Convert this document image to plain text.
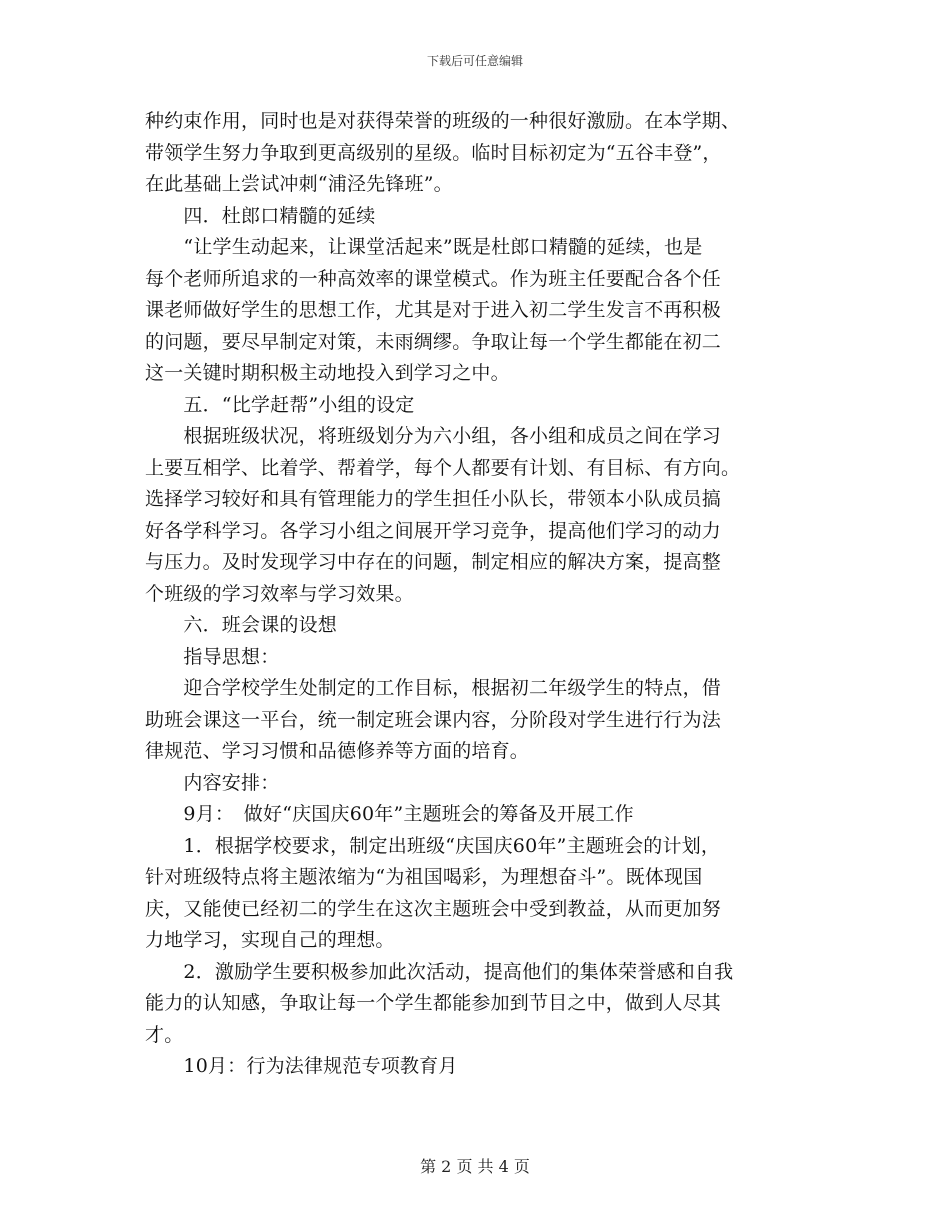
下载后可任意编辑

种约束作用，同时也是对获得荣誉的班级的一种很好激励。在本学期、

带领学生努力争取到更高级别的星级。临时目标初定为“五谷丰登”，

在此基础上尝试冲刺“浦泾先锋班”。

　　四．杜郎口精髓的延续

　　“让学生动起来，让课堂活起来”既是杜郎口精髓的延续，也是

每个老师所追求的一种高效率的课堂模式。作为班主任要配合各个任

课老师做好学生的思想工作，尤其是对于进入初二学生发言不再积极

的问题，要尽早制定对策，未雨绸缪。争取让每一个学生都能在初二

这一关键时期积极主动地投入到学习之中。

　　五．“比学赶帮”小组的设定

　　根据班级状况，将班级划分为六小组，各小组和成员之间在学习

上要互相学、比着学、帮着学，每个人都要有计划、有目标、有方向。

选择学习较好和具有管理能力的学生担任小队长，带领本小队成员搞

好各学科学习。各学习小组之间展开学习竞争，提高他们学习的动力

与压力。及时发现学习中存在的问题，制定相应的解决方案，提高整

个班级的学习效率与学习效果。

　　六．班会课的设想

　　指导思想：

　　迎合学校学生处制定的工作目标，根据初二年级学生的特点，借

助班会课这一平台，统一制定班会课内容，分阶段对学生进行行为法

律规范、学习习惯和品德修养等方面的培育。

　　内容安排：

　　9月：　做好“庆国庆60年”主题班会的筹备及开展工作

　　1．根据学校要求，制定出班级“庆国庆60年”主题班会的计划，

针对班级特点将主题浓缩为“为祖国喝彩，为理想奋斗”。既体现国

庆，又能使已经初二的学生在这次主题班会中受到教益，从而更加努

力地学习，实现自己的理想。

　　2．激励学生要积极参加此次活动，提高他们的集体荣誉感和自我

能力的认知感，争取让每一个学生都能参加到节目之中，做到人尽其

才。

　　10月：行为法律规范专项教育月

第 2 页 共 4 页
